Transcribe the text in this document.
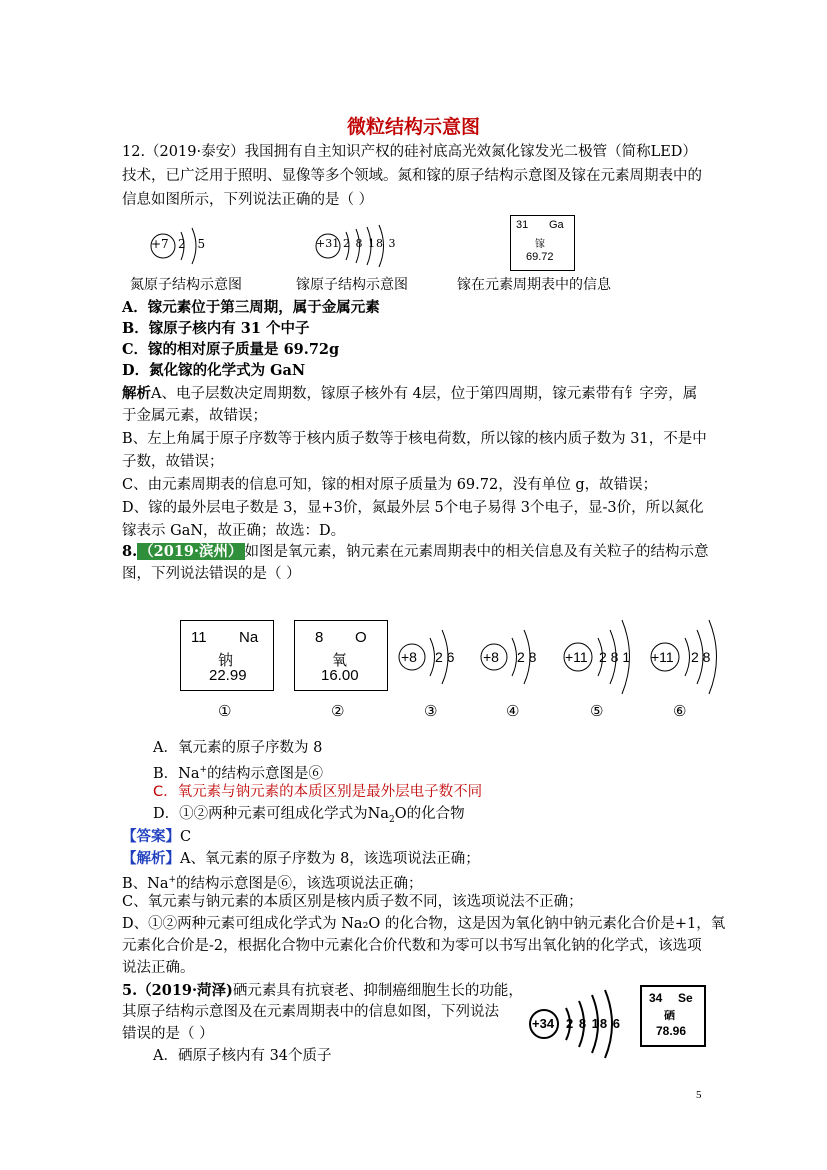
微粒结构示意图
12.（2019·泰安）我国拥有自主知识产权的硅衬底高光效氮化镓发光二极管（简称LED）
技术，已广泛用于照明、显像等多个领域。氮和镓的原子结构示意图及镓在元素周期表中的
信息如图所示，下列说法正确的是（ ）
+7 2 5	+31 2 8 18 3
31 Ga
镓
69.72
氮原子结构示意图	镓原子结构示意图	镓在元素周期表中的信息
A．镓元素位于第三周期，属于金属元素
B．镓原子核内有 31 个中子
C．镓的相对原子质量是 69.72g
D．氮化镓的化学式为 GaN
解析A、电子层数决定周期数，镓原子核外有 4层，位于第四周期，镓元素带有钅字旁，属
于金属元素，故错误；
B、左上角属于原子序数等于核内质子数等于核电荷数，所以镓的核内质子数为 31，不是中
子数，故错误；
C、由元素周期表的信息可知，镓的相对原子质量为 69.72，没有单位 g，故错误；
D、镓的最外层电子数是 3，显+3价，氮最外层 5个电子易得 3个电子，显-3价，所以氮化
镓表示 GaN，故正确；故选：D。
8. （2019·滨州） 如图是氧元素，钠元素在元素周期表中的相关信息及有关粒子的结构示意
图，下列说法错误的是（ ）
11 Na
钠
22.99
8 O
氧
16.00
+8 2 6 +8 2 8 +11 2 8 1 +11 2 8
①	②	③	④	⑤	⑥
A．氧元素的原子序数为 8
B．Na+的结构示意图是⑥
C．氧元素与钠元素的本质区别是最外层电子数不同
D．①②两种元素可组成化学式为$Na_2O$的化合物
【答案】C
【解析】A、氧元素的原子序数为 8，该选项说法正确；
B、Na+的结构示意图是⑥，该选项说法正确；
C、氧元素与钠元素的本质区别是核内质子数不同，该选项说法不正确；
D、①②两种元素可组成化学式为 Na₂O 的化合物，这是因为氧化钠中钠元素化合价是+1，氧
元素化合价是-2，根据化合物中元素化合价代数和为零可以书写出氧化钠的化学式，该选项
说法正确。
5.（2019·菏泽)硒元素具有抗衰老、抑制癌细胞生长的功能，
其原子结构示意图及在元素周期表中的信息如图，下列说法
错误的是（ ）
A．硒原子核内有 34个质子
+34 2 8 18 6
34 Se
硒
78.96
5
